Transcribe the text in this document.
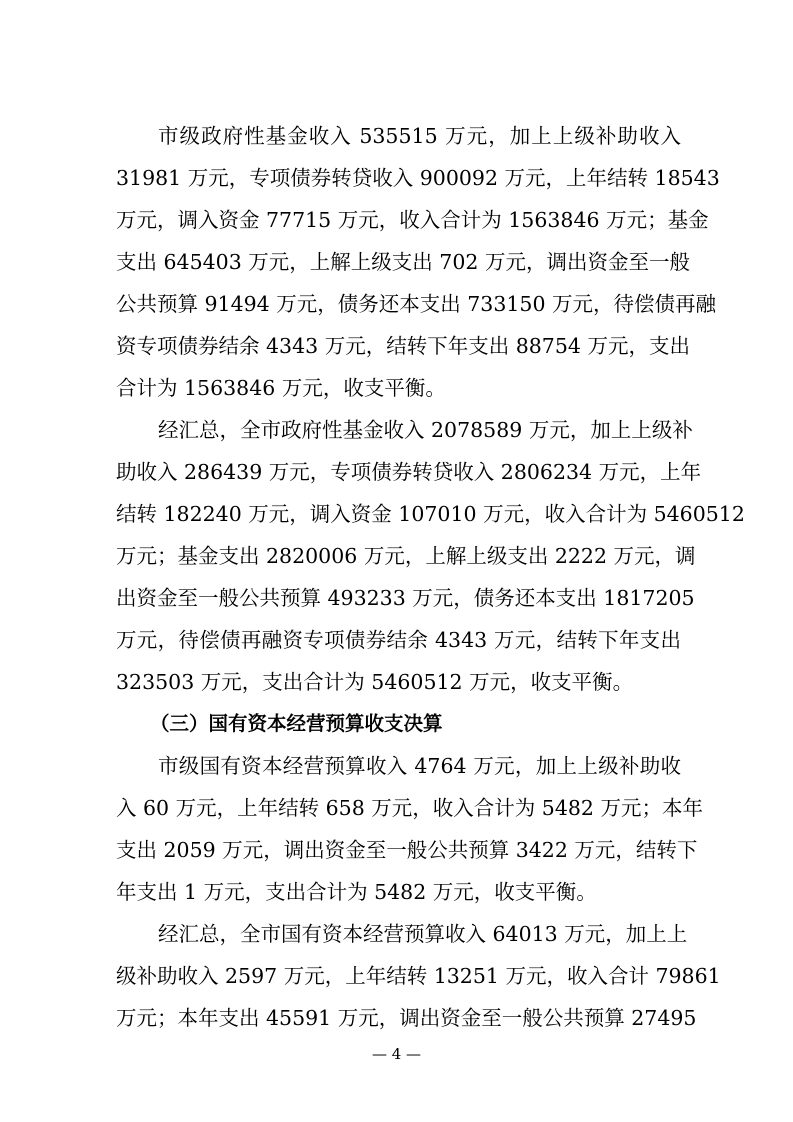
市级政府性基金收入 535515 万元，加上上级补助收入
31981 万元，专项债券转贷收入 900092 万元，上年结转 18543
万元，调入资金 77715 万元，收入合计为 1563846 万元；基金
支出 645403 万元，上解上级支出 702 万元，调出资金至一般
公共预算 91494 万元，债务还本支出 733150 万元，待偿债再融
资专项债券结余 4343 万元，结转下年支出 88754 万元，支出
合计为 1563846 万元，收支平衡。
经汇总，全市政府性基金收入 2078589 万元，加上上级补
助收入 286439 万元，专项债券转贷收入 2806234 万元，上年
结转 182240 万元，调入资金 107010 万元，收入合计为 5460512
万元；基金支出 2820006 万元，上解上级支出 2222 万元，调
出资金至一般公共预算 493233 万元，债务还本支出 1817205
万元，待偿债再融资专项债券结余 4343 万元，结转下年支出
323503 万元，支出合计为 5460512 万元，收支平衡。
（三）国有资本经营预算收支决算
市级国有资本经营预算收入 4764 万元，加上上级补助收
入 60 万元，上年结转 658 万元，收入合计为 5482 万元；本年
支出 2059 万元，调出资金至一般公共预算 3422 万元，结转下
年支出 1 万元，支出合计为 5482 万元，收支平衡。
经汇总，全市国有资本经营预算收入 64013 万元，加上上
级补助收入 2597 万元，上年结转 13251 万元，收入合计 79861
万元；本年支出 45591 万元，调出资金至一般公共预算 27495
— 4 —
